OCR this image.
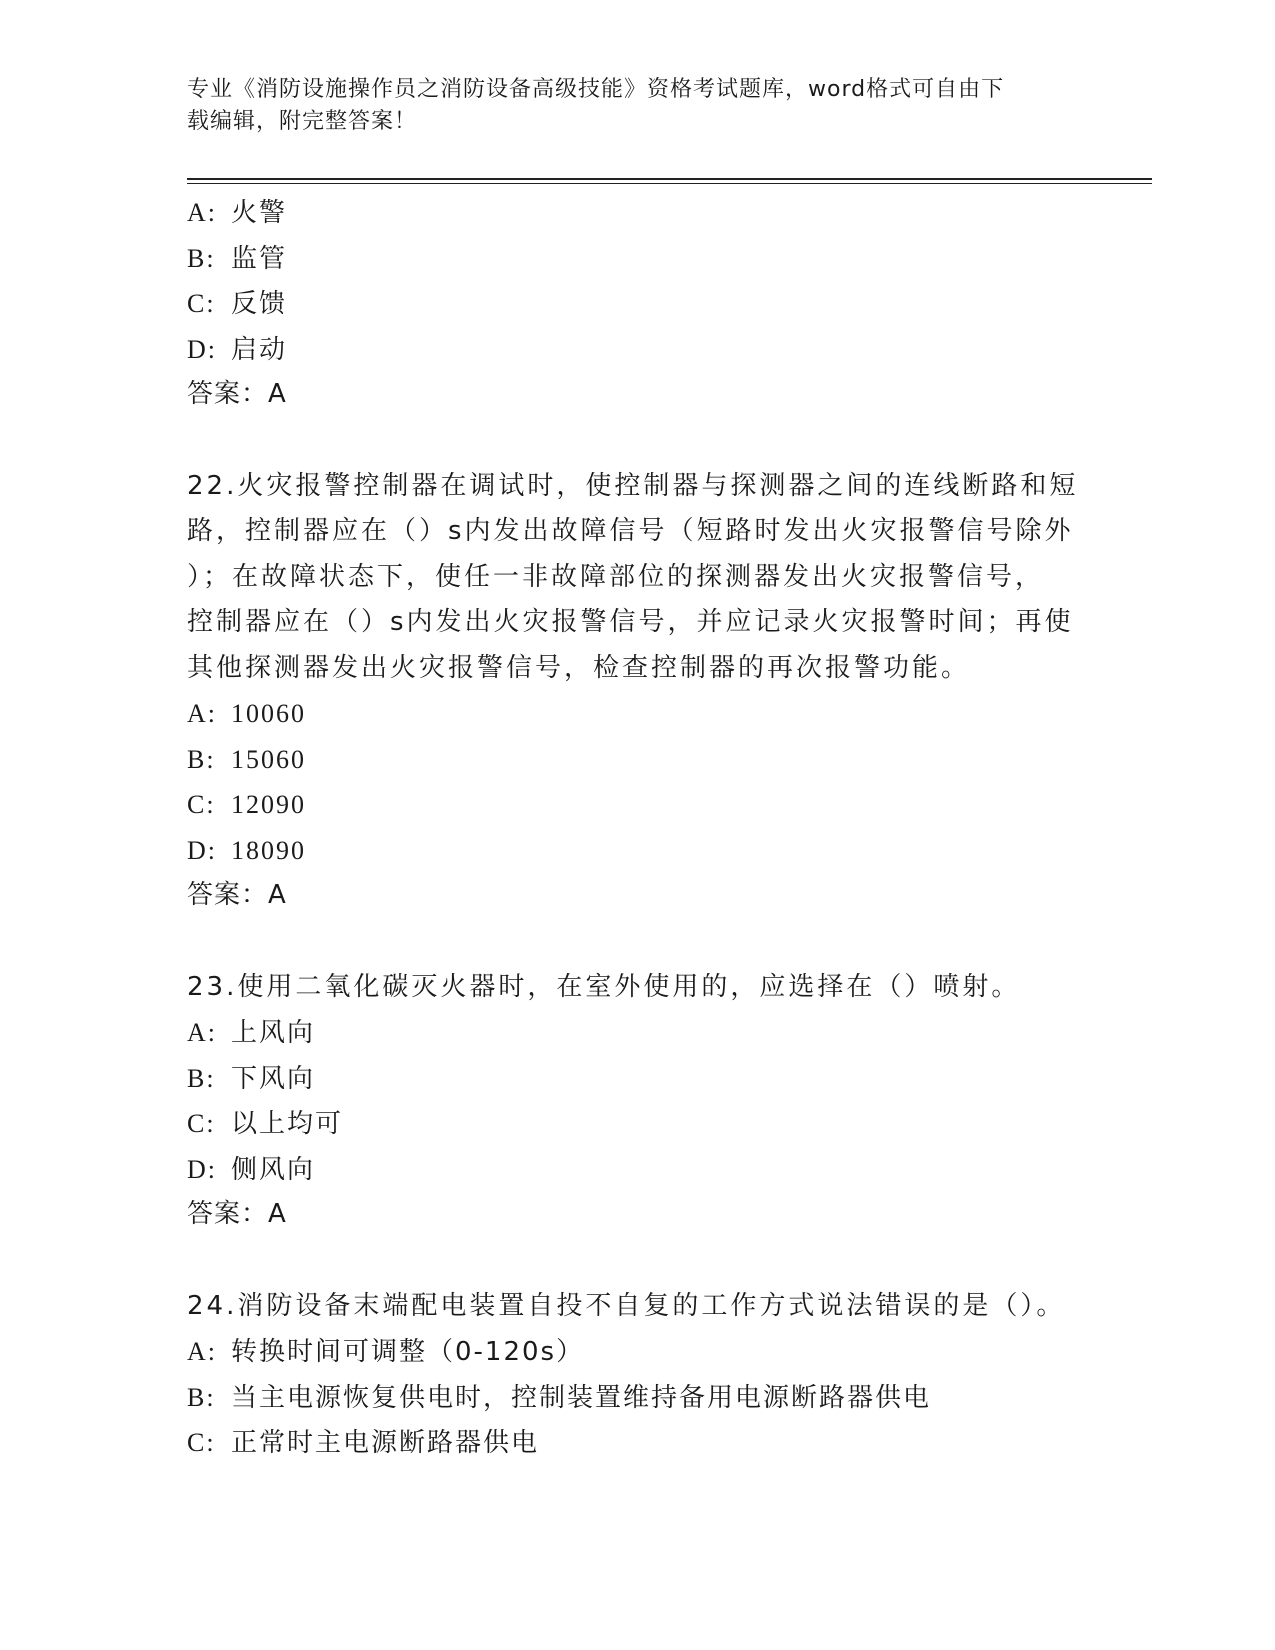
专业《消防设施操作员之消防设备高级技能》资格考试题库，word格式可自由下
载编辑，附完整答案！
A: 火警
B: 监管
C: 反馈
D: 启动
答案：A
22.火灾报警控制器在调试时，使控制器与探测器之间的连线断路和短
路，控制器应在（）s内发出故障信号（短路时发出火灾报警信号除外
）；在故障状态下，使任一非故障部位的探测器发出火灾报警信号，
控制器应在（）s内发出火灾报警信号，并应记录火灾报警时间；再使
其他探测器发出火灾报警信号，检查控制器的再次报警功能。
A: 10060
B: 15060
C: 12090
D: 18090
答案：A
23.使用二氧化碳灭火器时，在室外使用的，应选择在（）喷射。
A: 上风向
B: 下风向
C: 以上均可
D: 侧风向
答案：A
24.消防设备末端配电装置自投不自复的工作方式说法错误的是（）。
A: 转换时间可调整（0-120s）
B: 当主电源恢复供电时，控制装置维持备用电源断路器供电
C: 正常时主电源断路器供电
